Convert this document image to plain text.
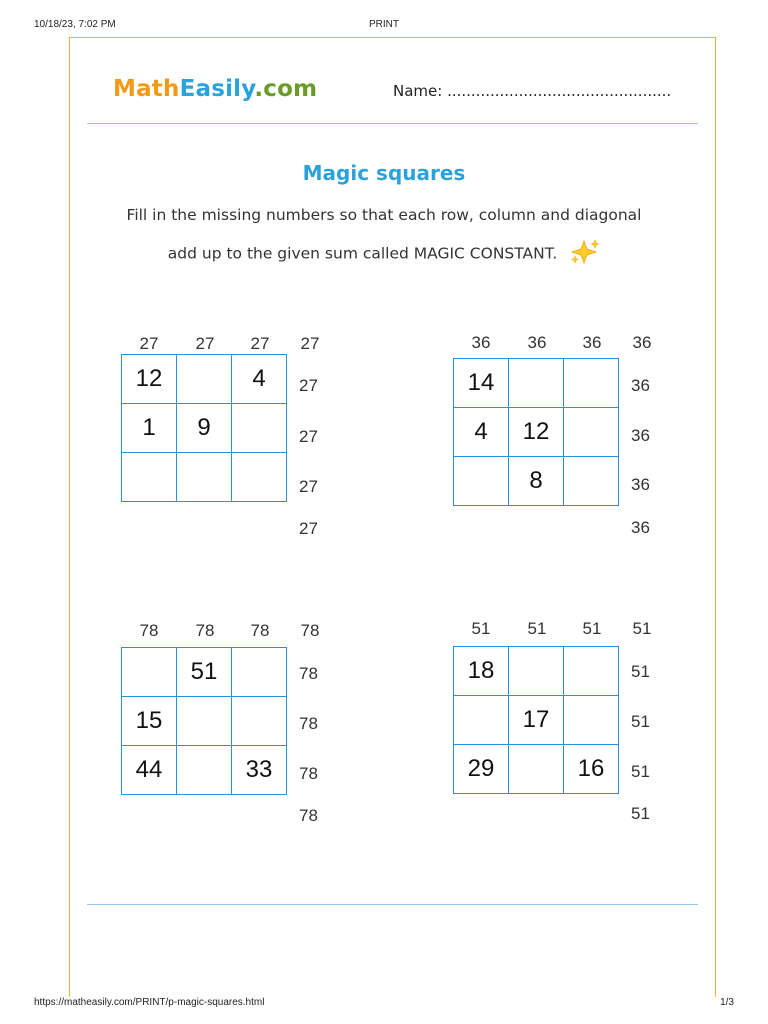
10/18/23, 7:02 PM	PRINT
MathEasily.com	Name: ...............................................
Magic squares
Fill in the missing numbers so that each row, column and diagonal
add up to the given sum called MAGIC CONSTANT.
27	27	27	27
12		4
1	9	

27
27
27
27
36	36	36	36
14		
4	12	
	8	
36
36
36
36
78	78	78	78
	51	
15		
44		33
78
78
78
78
51	51	51	51
18		
	17	
29		16
51
51
51
51
https://matheasily.com/PRINT/p-magic-squares.html	1/3
